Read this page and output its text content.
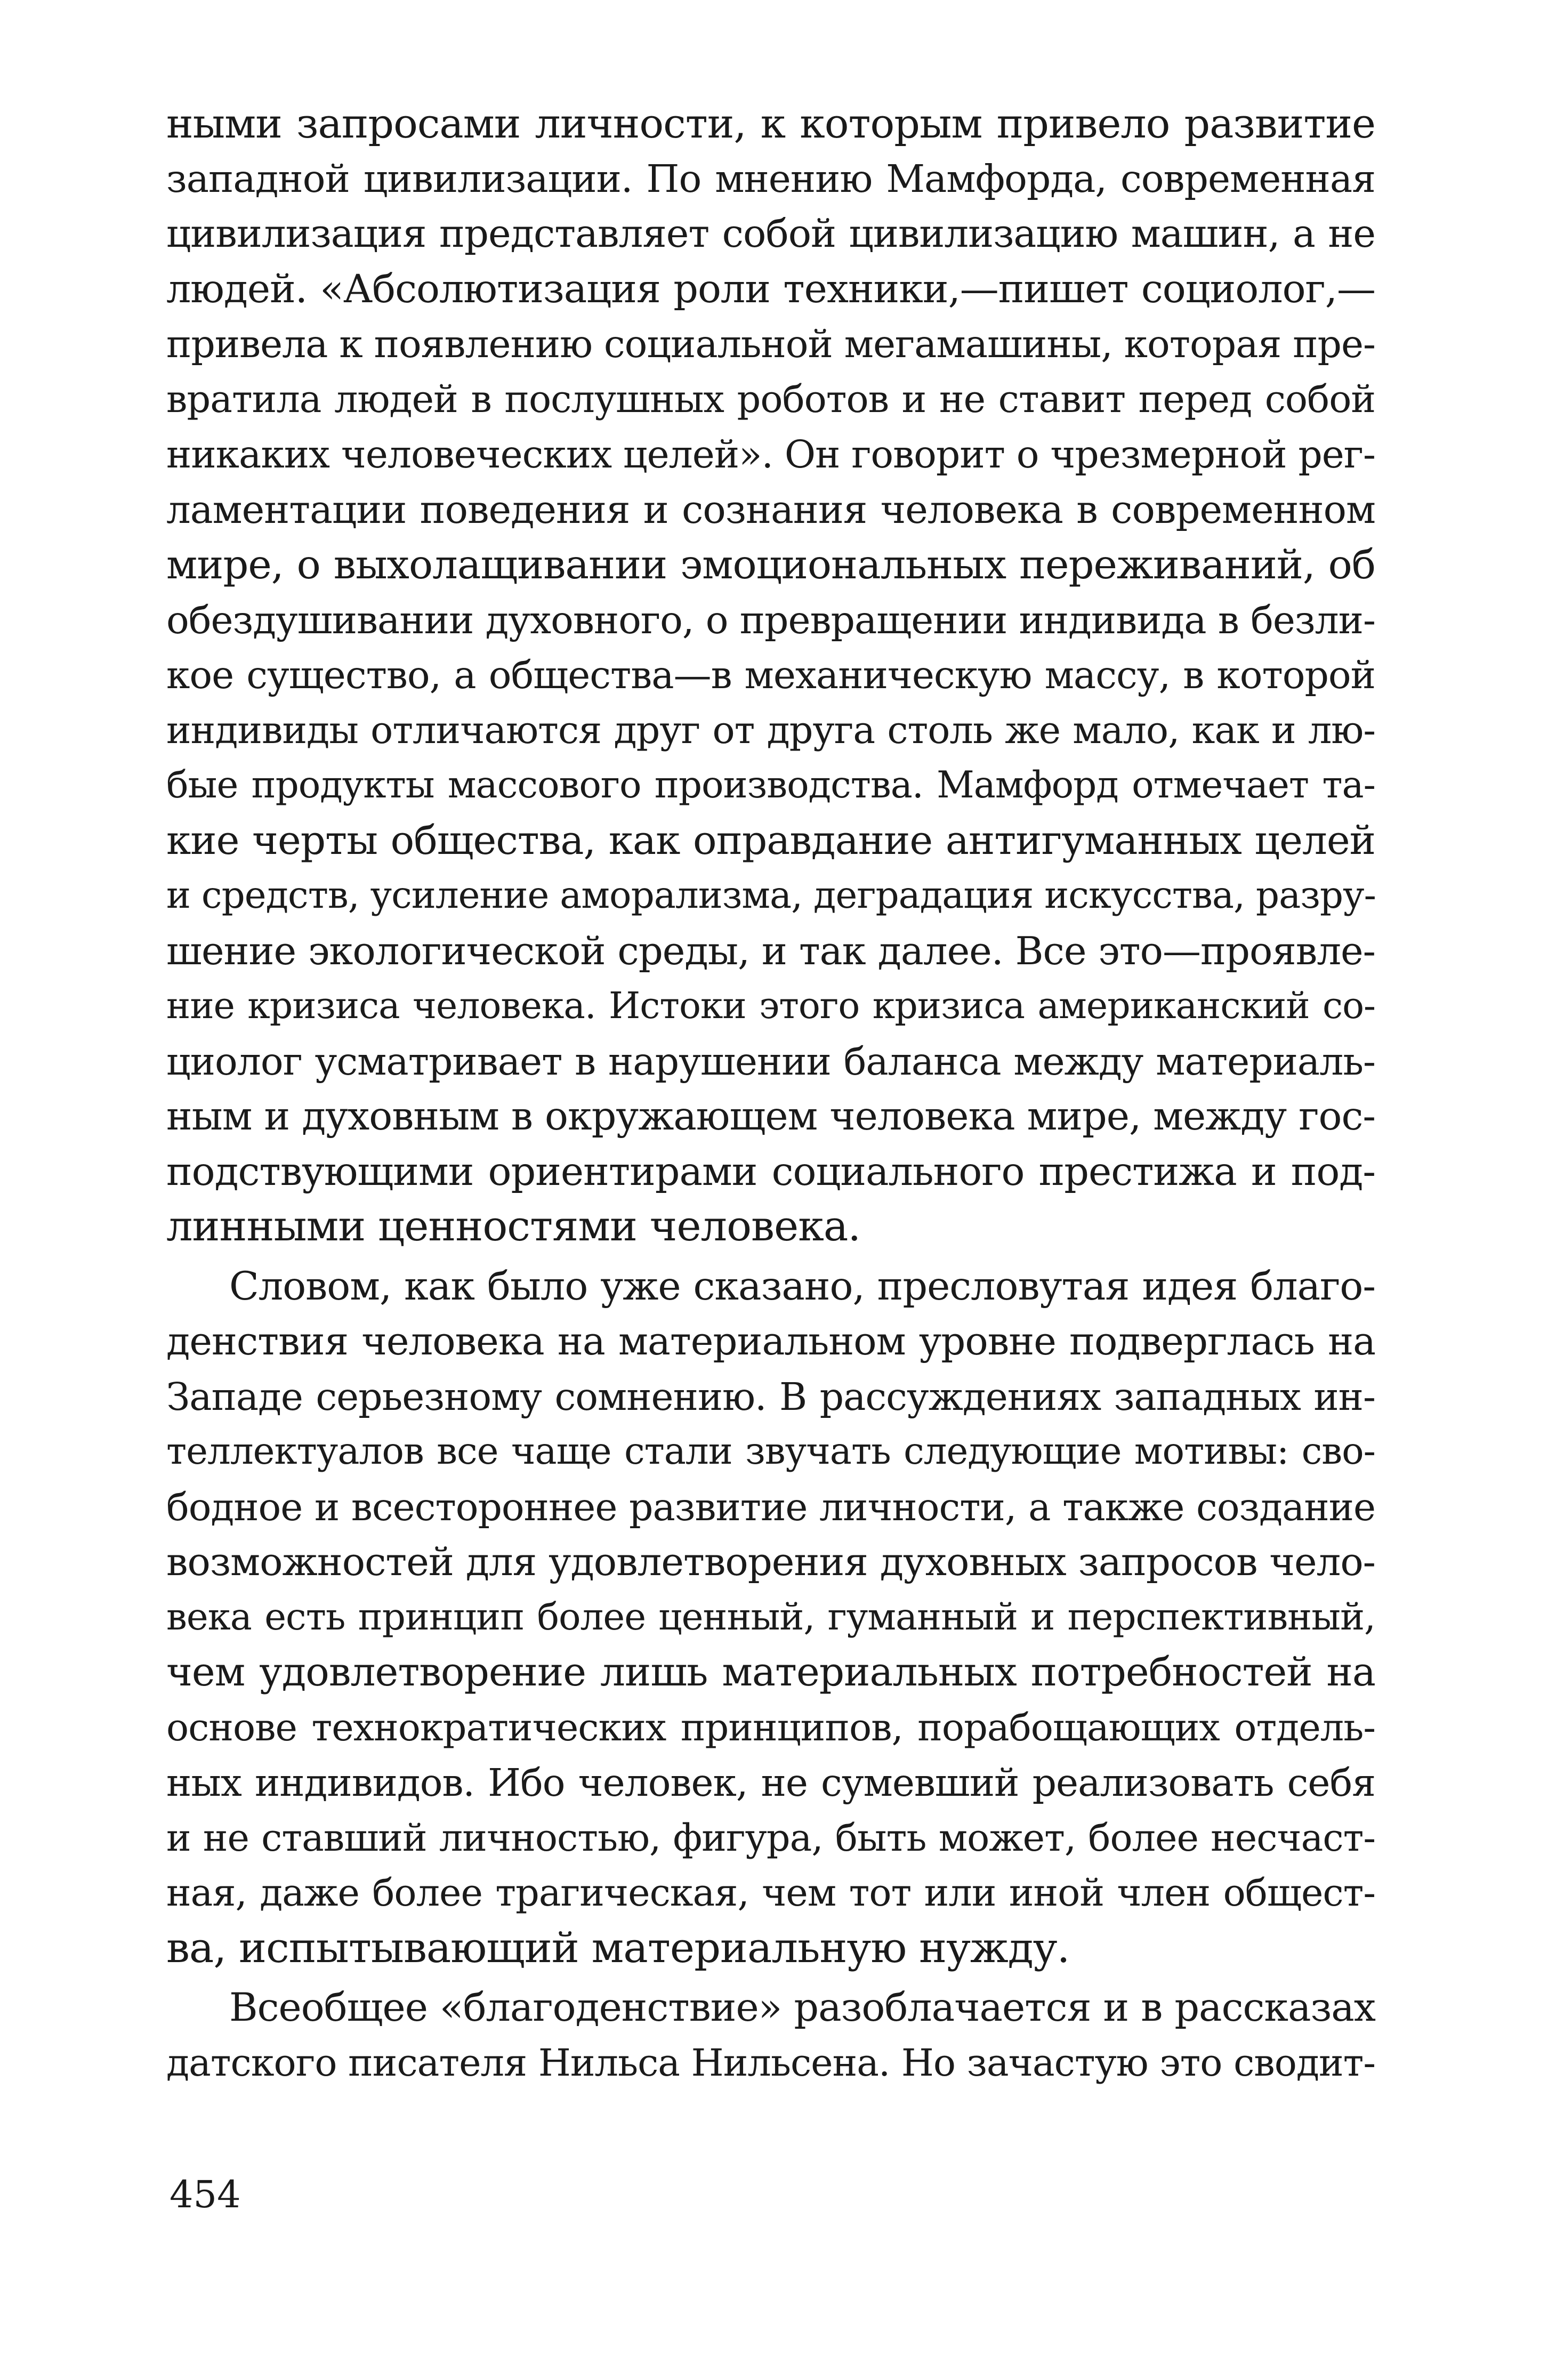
ными запросами личности, к которым привело развитие
западной цивилизации. По мнению Мамфорда, современная
цивилизация представляет собой цивилизацию машин, а не
людей. «Абсолютизация роли техники,—пишет социолог,—
привела к появлению социальной мегамашины, которая пре-
вратила людей в послушных роботов и не ставит перед собой
никаких человеческих целей». Он говорит о чрезмерной рег-
ламентации поведения и сознания человека в современном
мире, о выхолащивании эмоциональных переживаний, об
обездушивании духовного, о превращении индивида в безли-
кое существо, а общества—в механическую массу, в которой
индивиды отличаются друг от друга столь же мало, как и лю-
бые продукты массового производства. Мамфорд отмечает та-
кие черты общества, как оправдание антигуманных целей
и средств, усиление аморализма, деградация искусства, разру-
шение экологической среды, и так далее. Все это—проявле-
ние кризиса человека. Истоки этого кризиса американский со-
циолог усматривает в нарушении баланса между материаль-
ным и духовным в окружающем человека мире, между гос-
подствующими ориентирами социального престижа и под-
линными ценностями человека.
Словом, как было уже сказано, пресловутая идея благо-
денствия человека на материальном уровне подверглась на
Западе серьезному сомнению. В рассуждениях западных ин-
теллектуалов все чаще стали звучать следующие мотивы: сво-
бодное и всестороннее развитие личности, а также создание
возможностей для удовлетворения духовных запросов чело-
века есть принцип более ценный, гуманный и перспективный,
чем удовлетворение лишь материальных потребностей на
основе технократических принципов, порабощающих отдель-
ных индивидов. Ибо человек, не сумевший реализовать себя
и не ставший личностью, фигура, быть может, более несчаст-
ная, даже более трагическая, чем тот или иной член общест-
ва, испытывающий материальную нужду.
Всеобщее «благоденствие» разоблачается и в рассказах
датского писателя Нильса Нильсена. Но зачастую это сводит-
454
